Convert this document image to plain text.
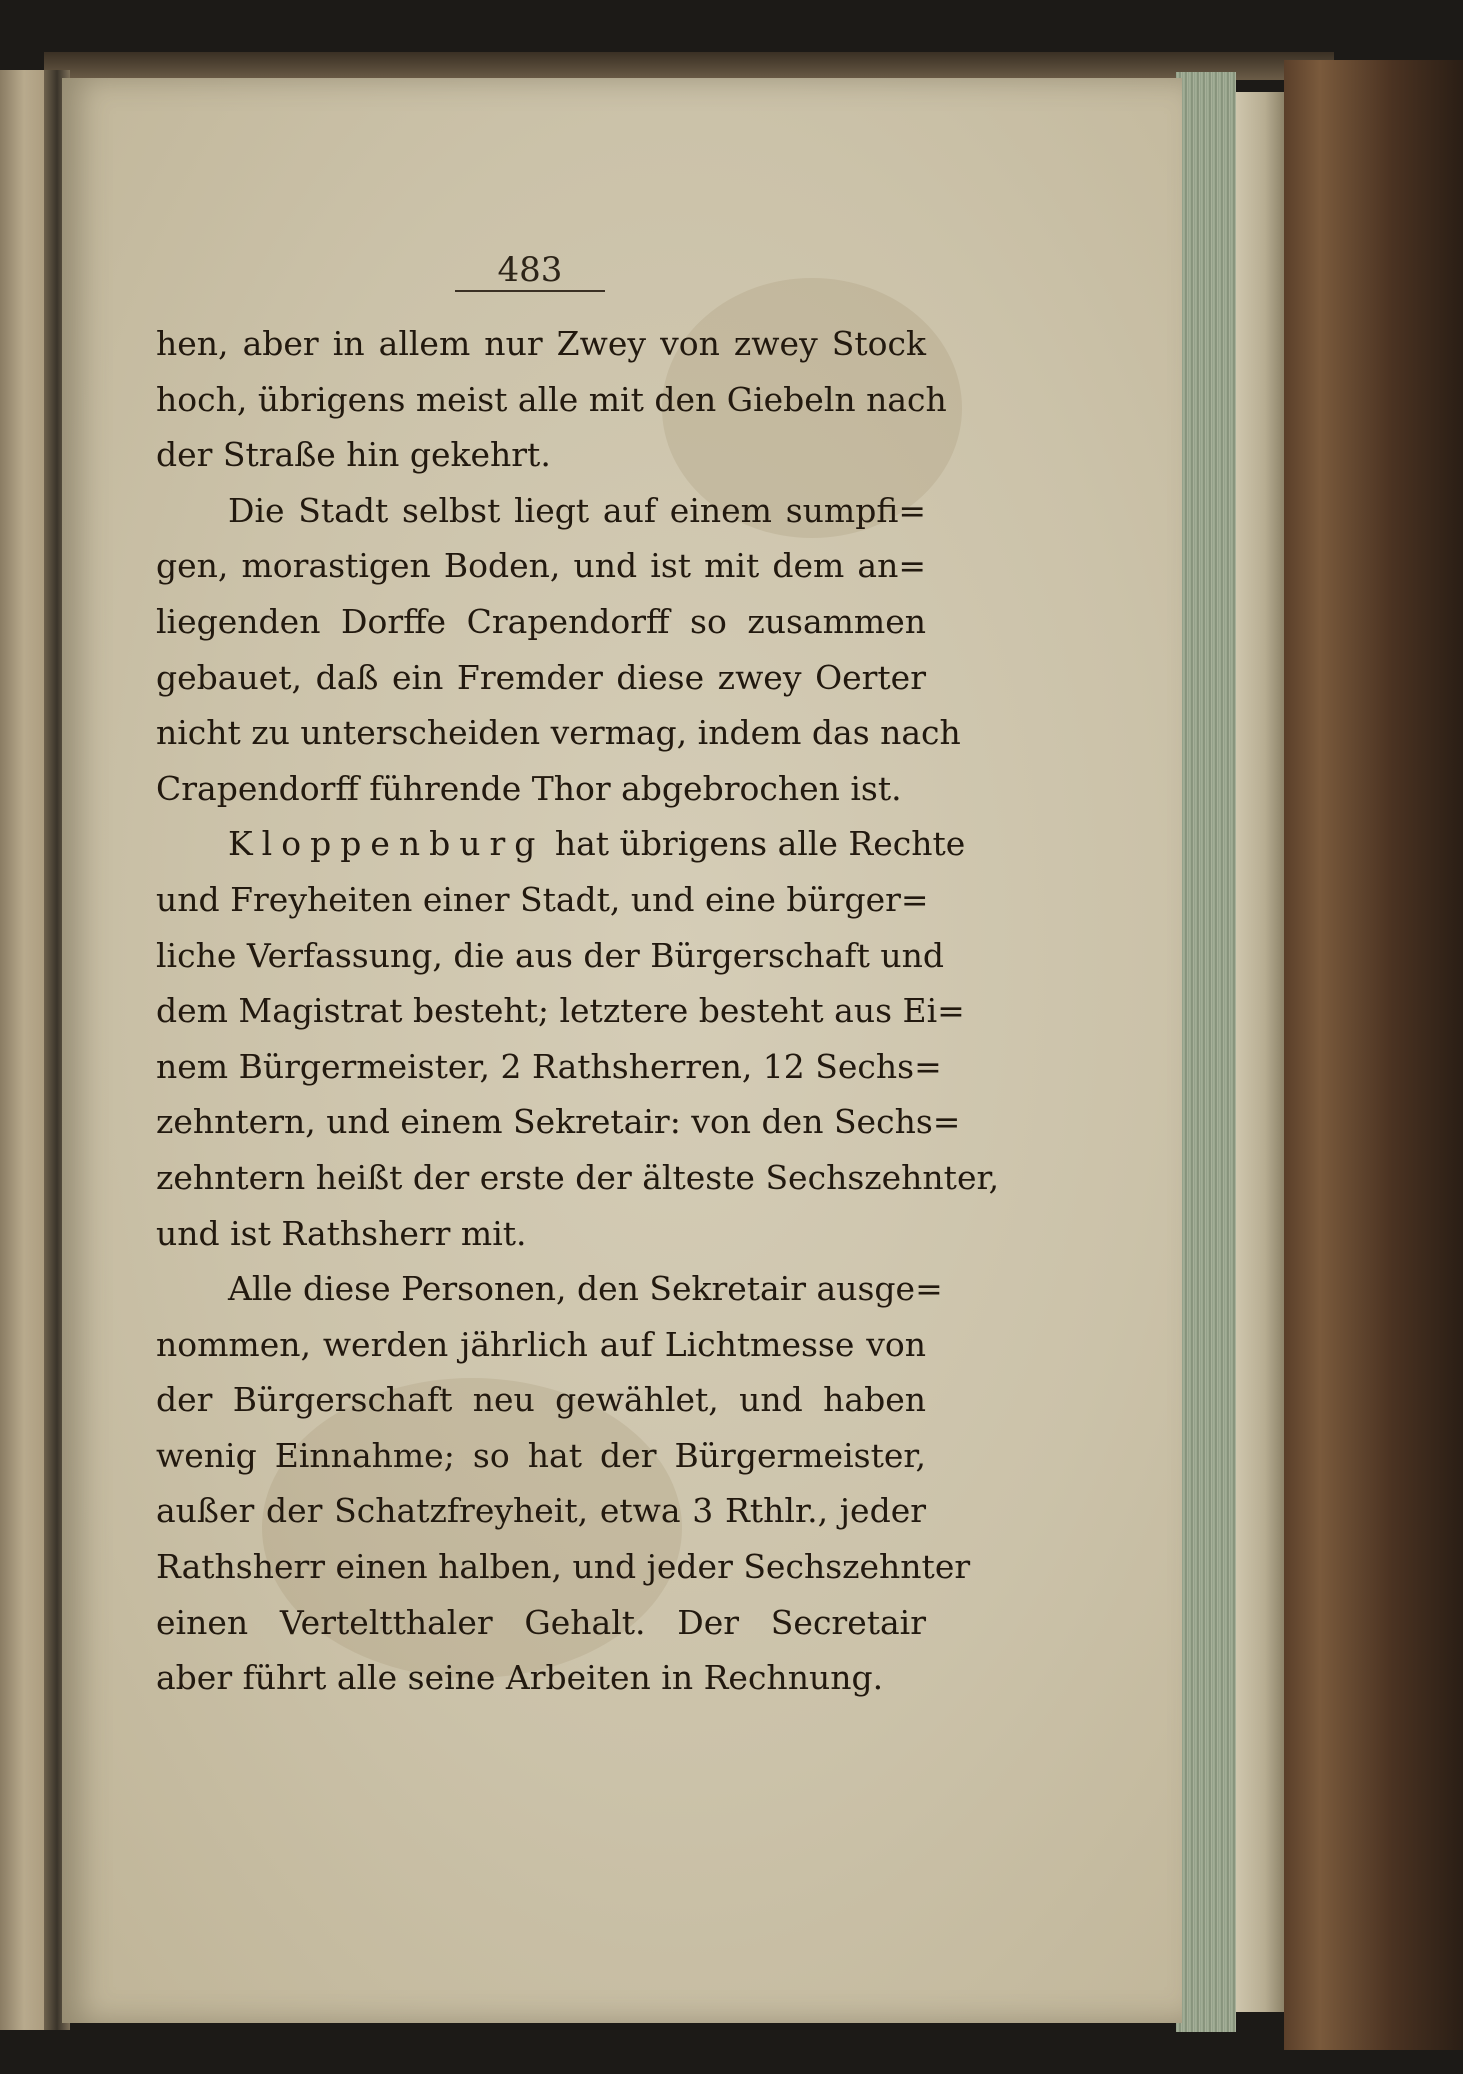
483
hen, aber in allem nur Zwey von zwey Stock
hoch, übrigens meist alle mit den Giebeln nach
der Straße hin gekehrt.
Die Stadt selbst liegt auf einem sumpfi=
gen, morastigen Boden, und ist mit dem an=
liegenden Dorffe Crapendorff so zusammen
gebauet, daß ein Fremder diese zwey Oerter
nicht zu unterscheiden vermag, indem das nach
Crapendorff führende Thor abgebrochen ist.
Kloppenburg hat übrigens alle Rechte
und Freyheiten einer Stadt, und eine bürger=
liche Verfassung, die aus der Bürgerschaft und
dem Magistrat besteht; letztere besteht aus Ei=
nem Bürgermeister, 2 Rathsherren, 12 Sechs=
zehntern, und einem Sekretair: von den Sechs=
zehntern heißt der erste der älteste Sechszehnter,
und ist Rathsherr mit.
Alle diese Personen, den Sekretair ausge=
nommen, werden jährlich auf Lichtmesse von
der Bürgerschaft neu gewählet, und haben
wenig Einnahme; so hat der Bürgermeister,
außer der Schatzfreyheit, etwa 3 Rthlr., jeder
Rathsherr einen halben, und jeder Sechszehnter
einen Verteltthaler Gehalt. Der Secretair
aber führt alle seine Arbeiten in Rechnung.
